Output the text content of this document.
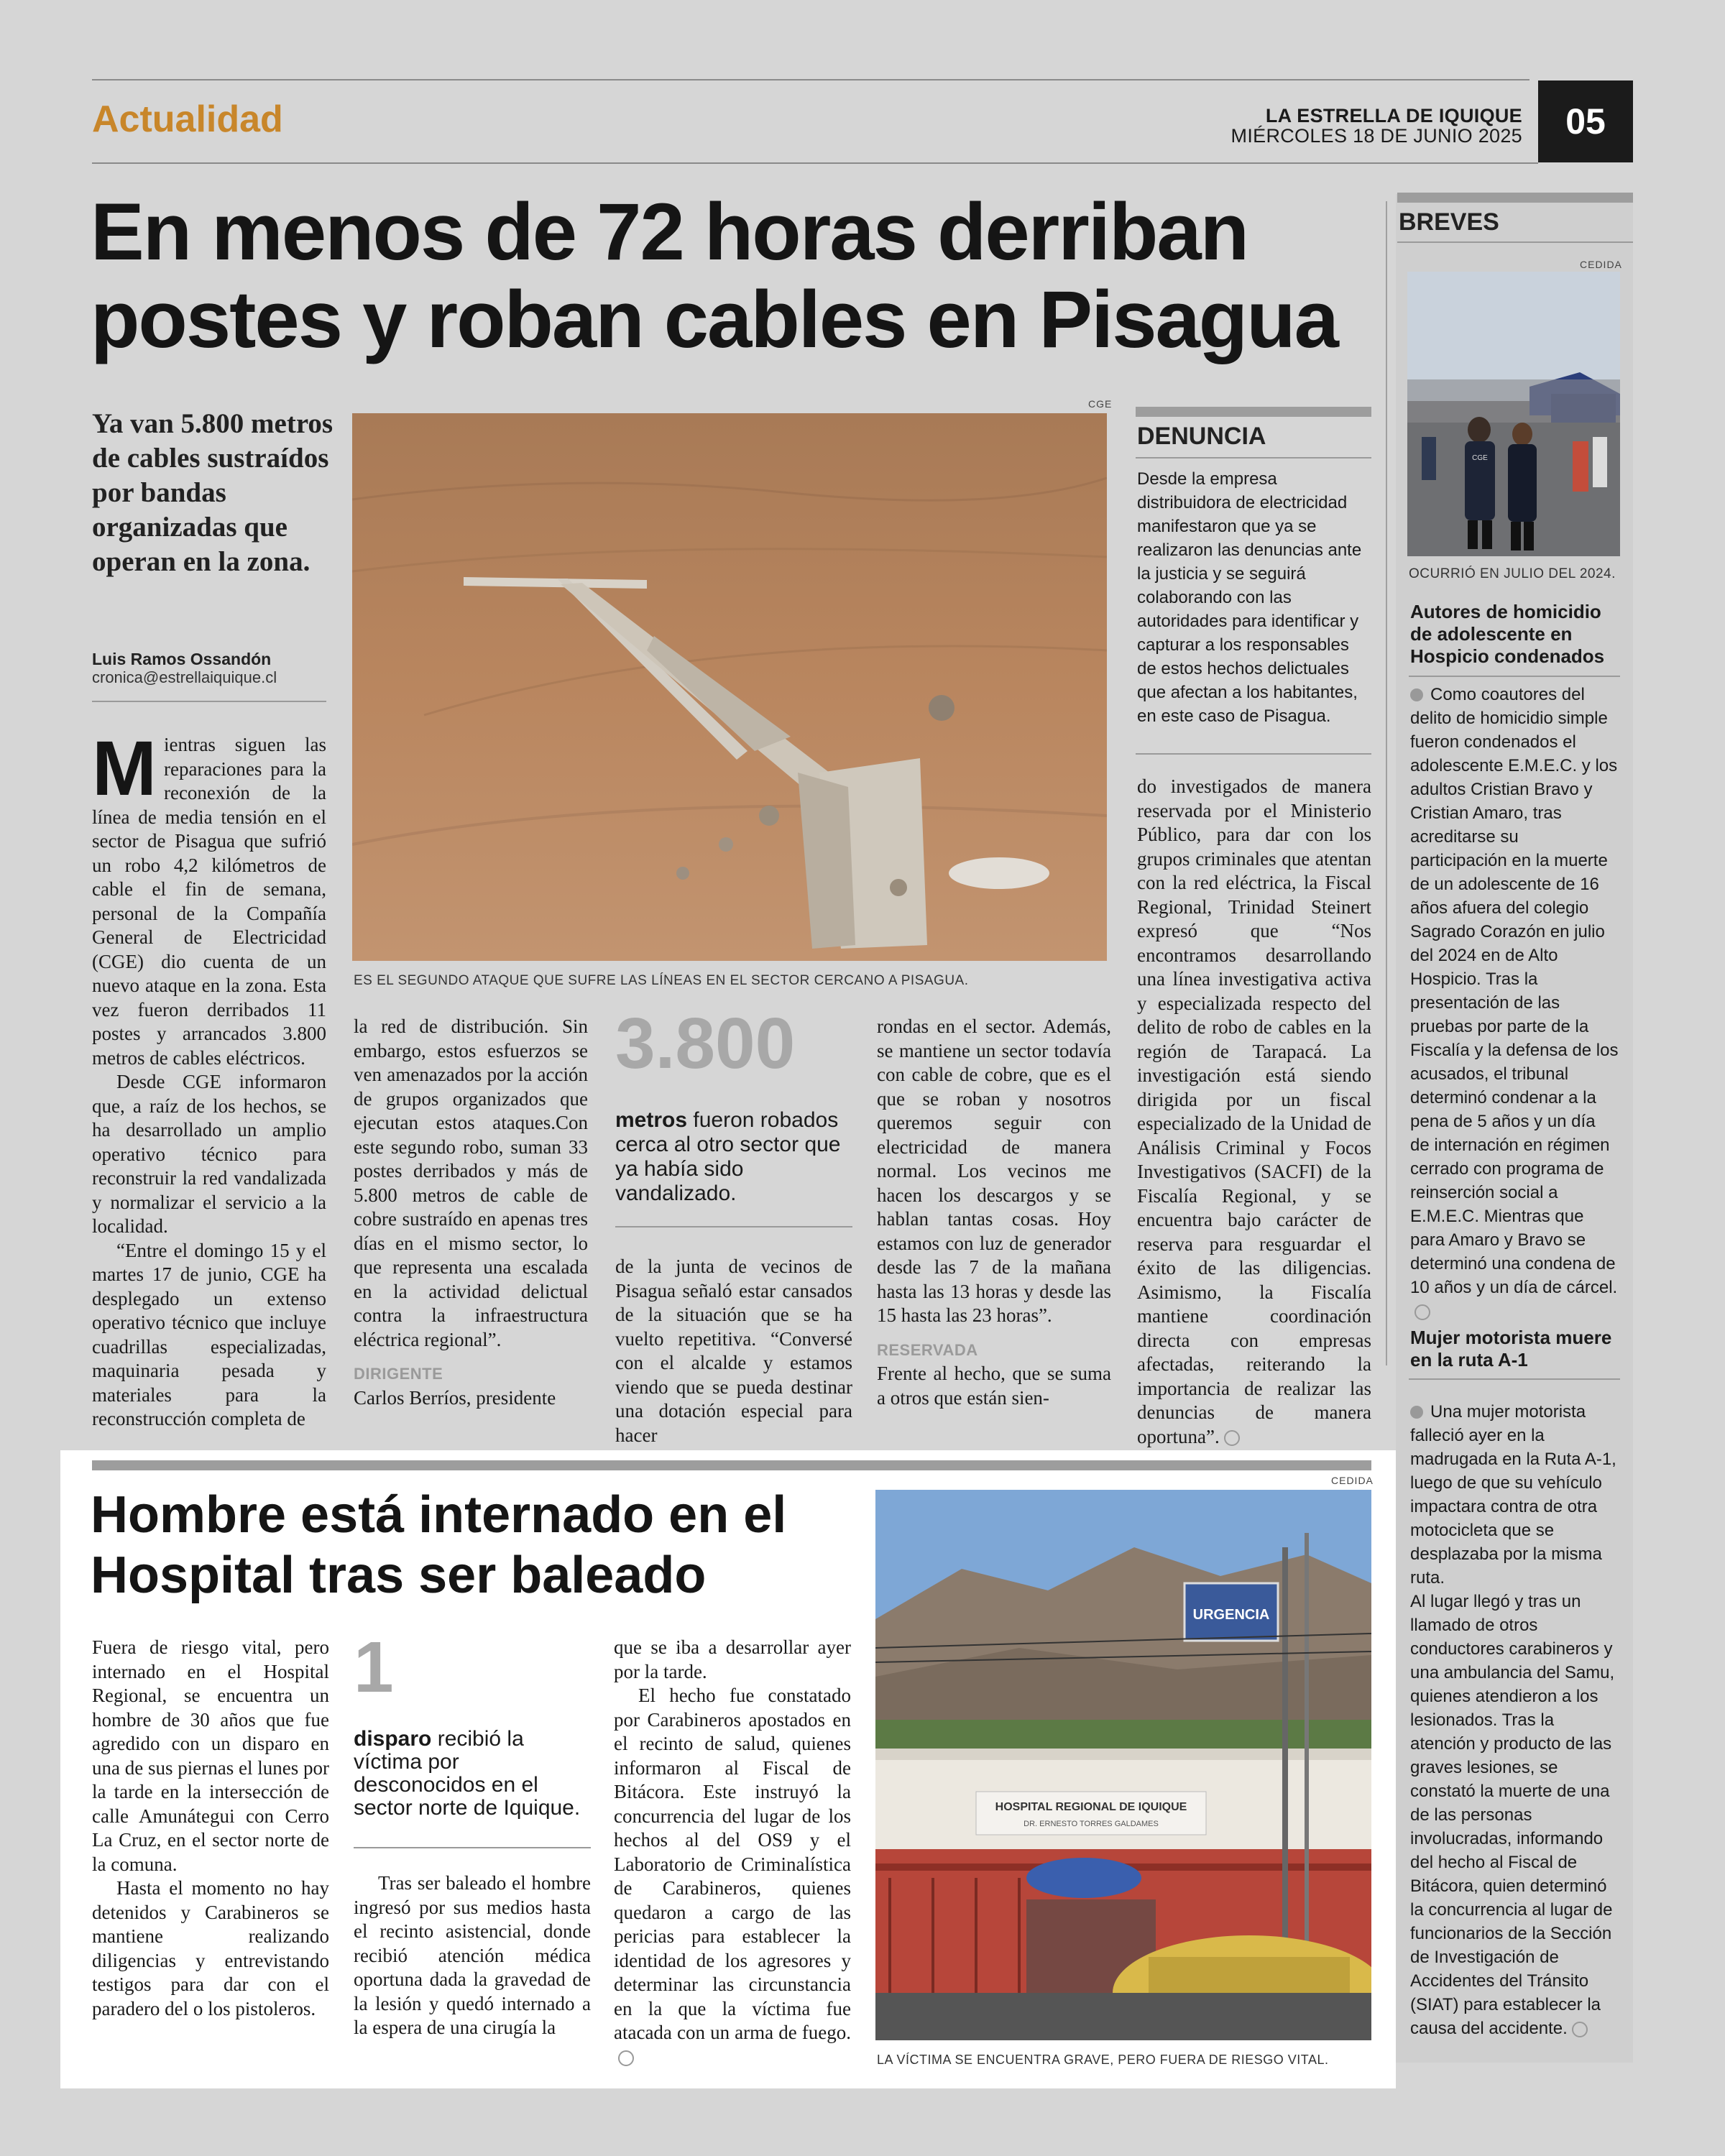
Actualidad	LA ESTRELLA DE IQUIQUE
MIÉRCOLES 18 DE JUNIO 2025	05
En menos de 72 horas derriban
postes y roban cables en Pisagua
Ya van 5.800 metros de cables sustraídos por bandas organizadas que operan en la zona.
Luis Ramos Ossandón
cronica@estrellaiquique.cl
CGE
ES EL SEGUNDO ATAQUE QUE SUFRE LAS LÍNEAS EN EL SECTOR CERCANO A PISAGUA.

Mientras siguen las reparaciones para la reconexión de la línea de media tensión en el sector de Pisagua que sufrió un robo 4,2 kilómetros de cable el fin de semana, personal de la Compañía General de Electricidad (CGE) dio cuenta de un nuevo ataque en la zona. Esta vez fueron derribados 11 postes y arrancados 3.800 metros de cables eléctricos.

Desde CGE informaron que, a raíz de los hechos, se ha desarrollado un amplio operativo técnico para reconstruir la red vandalizada y normalizar el servicio a la localidad.

“Entre el domingo 15 y el martes 17 de junio, CGE ha desplegado un extenso operativo técnico que incluye cuadrillas especializadas, maquinaria pesada y materiales para la reconstrucción completa de

la red de distribución. Sin embargo, estos esfuerzos se ven amenazados por la acción de grupos organizados que ejecutan estos ataques.Con este segundo robo, suman 33 postes derribados y más de 5.800 metros de cable de cobre sustraído en apenas tres días en el mismo sector, lo que representa una escalada en la actividad delictual contra la infraestructura eléctrica regional”.

DIRIGENTE

Carlos Berríos, presidente

3.800
metros fueron robados cerca al otro sector que ya había sido vandalizado.

de la junta de vecinos de Pisagua señaló estar cansados de la situación que se ha vuelto repetitiva. “Conversé con el alcalde y estamos viendo que se pueda destinar una dotación especial para hacer

rondas en el sector. Además, se mantiene un sector todavía con cable de cobre, que es el que se roban y nosotros queremos seguir con electricidad de manera normal. Los vecinos me hacen los descargos y se hablan tantas cosas. Hoy estamos con luz de generador desde las 7 de la mañana hasta las 13 horas y desde las 15 hasta las 23 horas”.

RESERVADA

Frente al hecho, que se suma a otros que están sien-

DENUNCIA
Desde la empresa distribuidora de electricidad manifestaron que ya se realizaron las denuncias ante la justicia y se seguirá colaborando con las autoridades para identificar y capturar a los responsables de estos hechos delictuales que afectan a los habitantes, en este caso de Pisagua.

do investigados de manera reservada por el Ministerio Público, para dar con los grupos criminales que atentan con la red eléctrica, la Fiscal Regional, Trinidad Steinert expresó que “Nos encontramos desarrollando una línea investigativa activa y especializada respecto del delito de robo de cables en la región de Tarapacá. La investigación está siendo dirigida por un fiscal especializado de la Unidad de Análisis Criminal y Focos Investigativos (SACFI) de la Fiscalía Regional, y se encuentra bajo carácter de reserva para resguardar el éxito de las diligencias. Asimismo, la Fiscalía mantiene coordinación directa con empresas afectadas, reiterando la importancia de realizar las denuncias de manera oportuna”.

Hombre está internado en el
Hospital tras ser baleado

Fuera de riesgo vital, pero internado en el Hospital Regional, se encuentra un hombre de 30 años que fue agredido con un disparo en una de sus piernas el lunes por la tarde en la intersección de calle Amunátegui con Cerro La Cruz, en el sector norte de la comuna.

Hasta el momento no hay detenidos y Carabineros se mantiene realizando diligencias y entrevistando testigos para dar con el paradero del o los pistoleros.

1
disparo recibió la víctima por desconocidos en el sector norte de Iquique.

Tras ser baleado el hombre ingresó por sus medios hasta el recinto asistencial, donde recibió atención médica oportuna dada la gravedad de la lesión y quedó internado a la espera de una cirugía la

que se iba a desarrollar ayer por la tarde.

El hecho fue constatado por Carabineros apostados en el recinto de salud, quienes informaron al Fiscal de Bitácora. Este instruyó la concurrencia del lugar de los hechos al del OS9 y el Laboratorio de Criminalística de Carabineros, quienes quedaron a cargo de las pericias para establecer la identidad de los agresores y determinar las circunstancia en la que la víctima fue atacada con un arma de fuego.

CEDIDA
URGENCIA
HOSPITAL REGIONAL DE IQUIQUE
DR. ERNESTO TORRES GALDAMES
LA VÍCTIMA SE ENCUENTRA GRAVE, PERO FUERA DE RIESGO VITAL.
BREVES
CEDIDA
CGE
OCURRIÓ EN JULIO DEL 2024.
Autores de homicidio de adolescente en Hospicio condenados

Como coautores del delito de homicidio simple fueron condenados el adolescente E.M.E.C. y los adultos Cristian Bravo y Cristian Amaro, tras acreditarse su participación en la muerte de un adolescente de 16 años afuera del colegio Sagrado Corazón en julio del 2024 en de Alto Hospicio. Tras la presentación de las pruebas por parte de la Fiscalía y la defensa de los acusados, el tribunal determinó condenar a la pena de 5 años y un día de internación en régimen cerrado con programa de reinserción social a E.M.E.C. Mientras que para Amaro y Bravo se determinó una condena de 10 años y un día de cárcel.

Mujer motorista muere en la ruta A-1

Una mujer motorista falleció ayer en la madrugada en la Ruta A-1, luego de que su vehículo impactara contra de otra motocicleta que se desplazaba por la misma ruta.

Al lugar llegó y tras un llamado de otros conductores carabineros y una ambulancia del Samu, quienes atendieron a los lesionados. Tras la atención y producto de las graves lesiones, se constató la muerte de una de las personas involucradas, informando del hecho al Fiscal de Bitácora, quien determinó la concurrencia al lugar de funcionarios de la Sección de Investigación de Accidentes del Tránsito (SIAT) para establecer la causa del accidente.
